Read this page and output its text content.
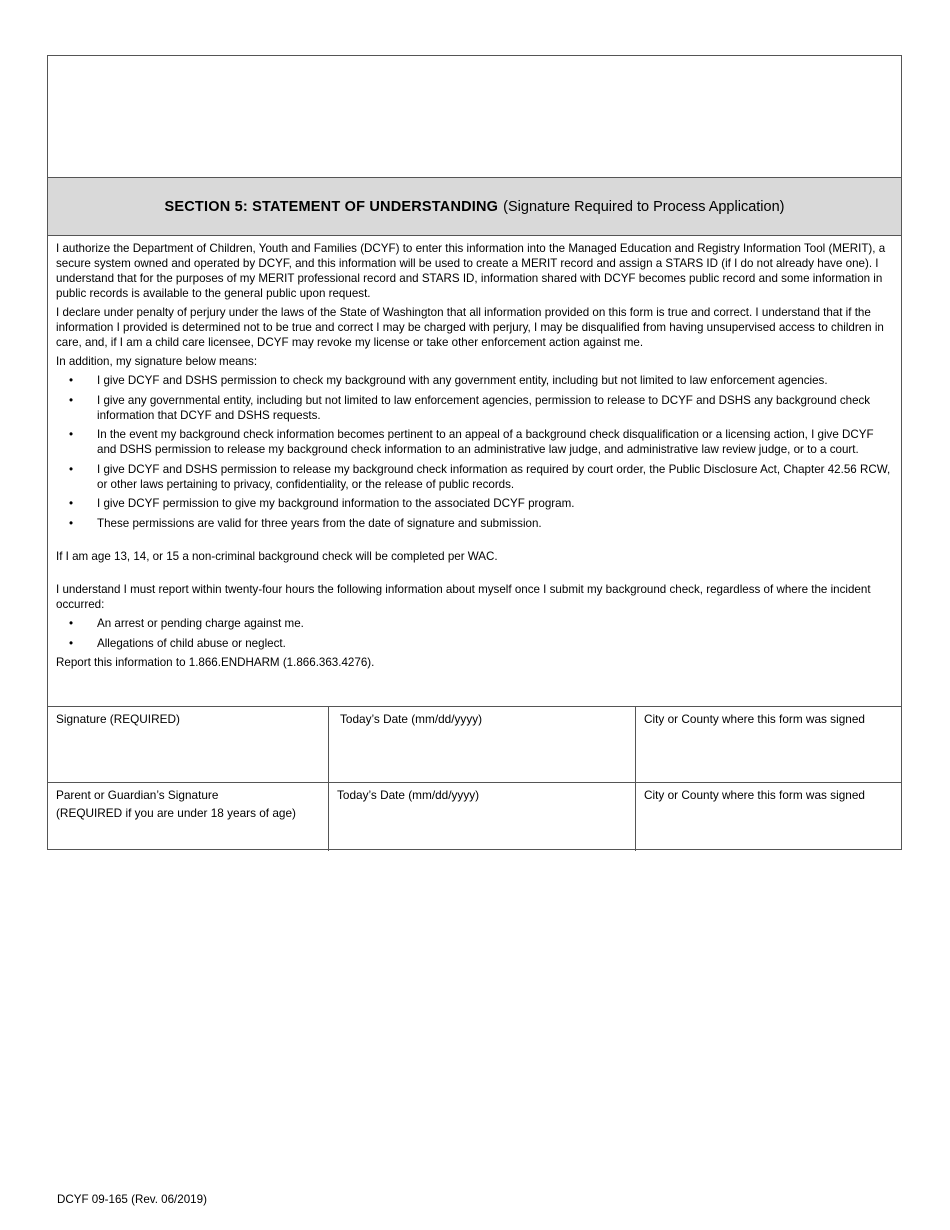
SECTION 5: STATEMENT OF UNDERSTANDING (Signature Required to Process Application)

I authorize the Department of Children, Youth and Families (DCYF) to enter this information into the Managed Education and Registry Information Tool (MERIT), a secure system owned and operated by DCYF, and this information will be used to create a MERIT record and assign a STARS ID (if I do not already have one). I understand that for the purposes of my MERIT professional record and STARS ID, information shared with DCYF becomes public record and some information in public records is available to the general public upon request.

I declare under penalty of perjury under the laws of the State of Washington that all information provided on this form is true and correct. I understand that if the information I provided is determined not to be true and correct I may be charged with perjury, I may be disqualified from having unsupervised access to children in care, and, if I am a child care licensee, DCYF may revoke my license or take other enforcement action against me.

In addition, my signature below means:

• I give DCYF and DSHS permission to check my background with any government entity, including but not limited to law enforcement agencies.
• I give any governmental entity, including but not limited to law enforcement agencies, permission to release to DCYF and DSHS any background check information that DCYF and DSHS requests.
• In the event my background check information becomes pertinent to an appeal of a background check disqualification or a licensing action, I give DCYF and DSHS permission to release my background check information to an administrative law judge, and administrative law review judge, or to a court.
• I give DCYF and DSHS permission to release my background check information as required by court order, the Public Disclosure Act, Chapter 42.56 RCW, or other laws pertaining to privacy, confidentiality, or the release of public records.
• I give DCYF permission to give my background information to the associated DCYF program.
• These permissions are valid for three years from the date of signature and submission.

If I am age 13, 14, or 15 a non-criminal background check will be completed per WAC.

I understand I must report within twenty-four hours the following information about myself once I submit my background check, regardless of where the incident occurred:

• An arrest or pending charge against me.
• Allegations of child abuse or neglect.

Report this information to 1.866.ENDHARM (1.866.363.4276).

Signature (REQUIRED)	Today’s Date (mm/dd/yyyy)	City or County where this form was signed
Parent or Guardian’s Signature
(REQUIRED if you are under 18 years of age)
Today’s Date (mm/dd/yyyy)	City or County where this form was signed
DCYF 09-165 (Rev. 06/2019)
